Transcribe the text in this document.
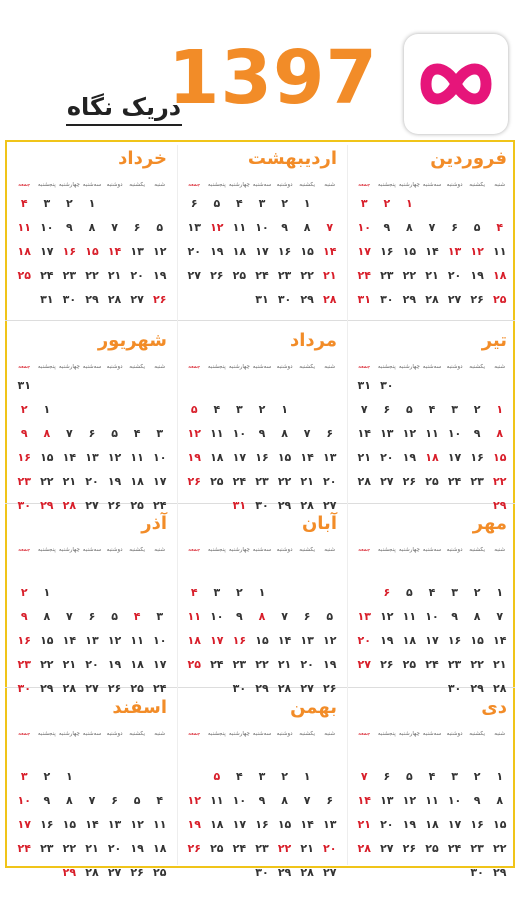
1397
دریک نگاه
فروردین
شنبه
یکشنبه
دوشنبه
سه‌شنبه
چهارشنبه
پنجشنبه
جمعه
۱
۲
۳
۴
۵
۶
۷
۸
۹
۱۰
۱۱
۱۲
۱۳
۱۴
۱۵
۱۶
۱۷
۱۸
۱۹
۲۰
۲۱
۲۲
۲۳
۲۴
۲۵
۲۶
۲۷
۲۸
۲۹
۳۰
۳۱
اردیبهشت
شنبه
یکشنبه
دوشنبه
سه‌شنبه
چهارشنبه
پنجشنبه
جمعه
۱
۲
۳
۴
۵
۶
۷
۸
۹
۱۰
۱۱
۱۲
۱۳
۱۴
۱۵
۱۶
۱۷
۱۸
۱۹
۲۰
۲۱
۲۲
۲۳
۲۴
۲۵
۲۶
۲۷
۲۸
۲۹
۳۰
۳۱
خرداد
شنبه
یکشنبه
دوشنبه
سه‌شنبه
چهارشنبه
پنجشنبه
جمعه
۱
۲
۳
۴
۵
۶
۷
۸
۹
۱۰
۱۱
۱۲
۱۳
۱۴
۱۵
۱۶
۱۷
۱۸
۱۹
۲۰
۲۱
۲۲
۲۳
۲۴
۲۵
۲۶
۲۷
۲۸
۲۹
۳۰
۳۱
تیر
شنبه
یکشنبه
دوشنبه
سه‌شنبه
چهارشنبه
پنجشنبه
جمعه
۳۰
۳۱
۱
۲
۳
۴
۵
۶
۷
۸
۹
۱۰
۱۱
۱۲
۱۳
۱۴
۱۵
۱۶
۱۷
۱۸
۱۹
۲۰
۲۱
۲۲
۲۳
۲۴
۲۵
۲۶
۲۷
۲۸
۲۹
مرداد
شنبه
یکشنبه
دوشنبه
سه‌شنبه
چهارشنبه
پنجشنبه
جمعه
۱
۲
۳
۴
۵
۶
۷
۸
۹
۱۰
۱۱
۱۲
۱۳
۱۴
۱۵
۱۶
۱۷
۱۸
۱۹
۲۰
۲۱
۲۲
۲۳
۲۴
۲۵
۲۶
۲۷
۲۸
۲۹
۳۰
۳۱
شهریور
شنبه
یکشنبه
دوشنبه
سه‌شنبه
چهارشنبه
پنجشنبه
جمعه
۳۱
۱
۲
۳
۴
۵
۶
۷
۸
۹
۱۰
۱۱
۱۲
۱۳
۱۴
۱۵
۱۶
۱۷
۱۸
۱۹
۲۰
۲۱
۲۲
۲۳
۲۴
۲۵
۲۶
۲۷
۲۸
۲۹
۳۰
مهر
شنبه
یکشنبه
دوشنبه
سه‌شنبه
چهارشنبه
پنجشنبه
جمعه
۱
۲
۳
۴
۵
۶
۷
۸
۹
۱۰
۱۱
۱۲
۱۳
۱۴
۱۵
۱۶
۱۷
۱۸
۱۹
۲۰
۲۱
۲۲
۲۳
۲۴
۲۵
۲۶
۲۷
۲۸
۲۹
۳۰
آبان
شنبه
یکشنبه
دوشنبه
سه‌شنبه
چهارشنبه
پنجشنبه
جمعه
۱
۲
۳
۴
۵
۶
۷
۸
۹
۱۰
۱۱
۱۲
۱۳
۱۴
۱۵
۱۶
۱۷
۱۸
۱۹
۲۰
۲۱
۲۲
۲۳
۲۴
۲۵
۲۶
۲۷
۲۸
۲۹
۳۰
آذر
شنبه
یکشنبه
دوشنبه
سه‌شنبه
چهارشنبه
پنجشنبه
جمعه
۱
۲
۳
۴
۵
۶
۷
۸
۹
۱۰
۱۱
۱۲
۱۳
۱۴
۱۵
۱۶
۱۷
۱۸
۱۹
۲۰
۲۱
۲۲
۲۳
۲۴
۲۵
۲۶
۲۷
۲۸
۲۹
۳۰
دی
شنبه
یکشنبه
دوشنبه
سه‌شنبه
چهارشنبه
پنجشنبه
جمعه
۱
۲
۳
۴
۵
۶
۷
۸
۹
۱۰
۱۱
۱۲
۱۳
۱۴
۱۵
۱۶
۱۷
۱۸
۱۹
۲۰
۲۱
۲۲
۲۳
۲۴
۲۵
۲۶
۲۷
۲۸
۲۹
۳۰
بهمن
شنبه
یکشنبه
دوشنبه
سه‌شنبه
چهارشنبه
پنجشنبه
جمعه
۱
۲
۳
۴
۵
۶
۷
۸
۹
۱۰
۱۱
۱۲
۱۳
۱۴
۱۵
۱۶
۱۷
۱۸
۱۹
۲۰
۲۱
۲۲
۲۳
۲۴
۲۵
۲۶
۲۷
۲۸
۲۹
۳۰
اسفند
شنبه
یکشنبه
دوشنبه
سه‌شنبه
چهارشنبه
پنجشنبه
جمعه
۱
۲
۳
۴
۵
۶
۷
۸
۹
۱۰
۱۱
۱۲
۱۳
۱۴
۱۵
۱۶
۱۷
۱۸
۱۹
۲۰
۲۱
۲۲
۲۳
۲۴
۲۵
۲۶
۲۷
۲۸
۲۹
